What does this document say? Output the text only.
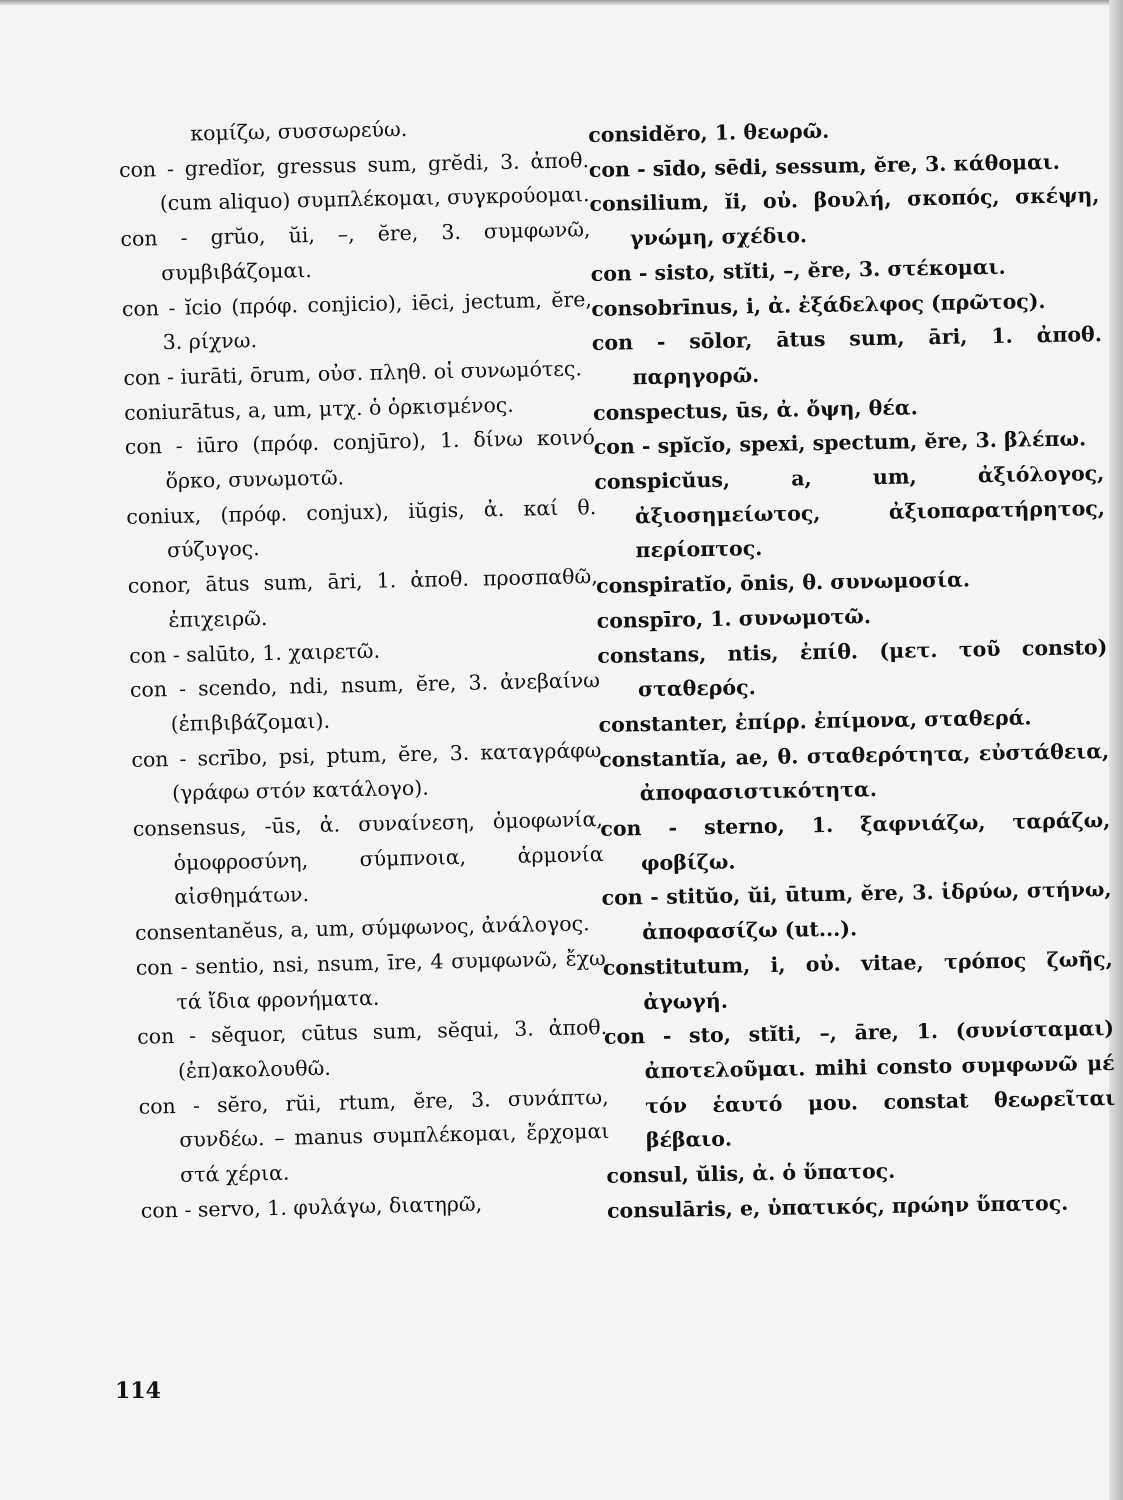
κομίζω, συσσωρεύω.

con - gredĭor, gressus sum, grĕdi, 3. ἀποθ. (cum aliquo) συμπλέκομαι, συγκρούομαι.

con - grŭo, ŭi, –, ĕre, 3. συμφωνῶ, συμβιβάζομαι.

con - ĭcio (πρόφ. conjicio), iēci, jectum, ĕre, 3. ρίχνω.

con - iurāti, ōrum, οὐσ. πληθ. οἱ συνωμότες.

coniurātus, a, um, μτχ. ὁ ὁρκισμένος.

con - iūro (πρόφ. conjūro), 1. δίνω κοινό ὅρκο, συνωμοτῶ.

coniux, (πρόφ. conjux), iŭgis, ἀ. καί θ. σύζυγος.

conor, ātus sum, āri, 1. ἀποθ. προσπαθῶ, ἐπιχειρῶ.

con - salūto, 1. χαιρετῶ.

con - scendo, ndi, nsum, ĕre, 3. ἀνεβαίνω (ἐπιβιβάζομαι).

con - scrībo, psi, ptum, ĕre, 3. καταγράφω (γράφω στόν κατάλογο).

consensus, -ūs, ἀ. συναίνεση, ὁμοφωνία, ὁμοφροσύνη, σύμπνοια, ἁρμονία αἰσθημάτων.

consentanĕus, a, um, σύμφωνος, ἀνάλογος.

con - sentio, nsi, nsum, īre, 4 συμφωνῶ, ἔχω τά ἴδια φρονήματα.

con - sĕquor, cūtus sum, sĕqui, 3. ἀποθ. (ἐπ)ακολουθῶ.

con - sĕro, rŭi, rtum, ĕre, 3. συνάπτω, συνδέω. – manus συμπλέκομαι, ἔρχομαι στά χέρια.

con - servo, 1. φυλάγω, διατηρῶ,

considĕro, 1. θεωρῶ.

con - sīdo, sēdi, sessum, ĕre, 3. κάθομαι.

consilium, ĭi, οὐ. βουλή, σκοπός, σκέψη, γνώμη, σχέδιο.

con - sisto, stĭti, –, ĕre, 3. στέκομαι.

consobrīnus, i, ἀ. ἐξάδελφος (πρῶτος).

con - sōlor, ātus sum, āri, 1. ἀποθ. παρηγορῶ.

conspectus, ūs, ἀ. ὄψη, θέα.

con - spĭcĭo, spexi, spectum, ĕre, 3. βλέπω.

conspicŭus, a, um, ἀξιόλογος, ἀξιοσημείωτος, ἀξιοπαρατήρητος, περίοπτος.

conspiratĭo, ōnis, θ. συνωμοσία.

conspīro, 1. συνωμοτῶ.

constans, ntis, ἐπίθ. (μετ. τοῦ consto) σταθερός.

constanter, ἐπίρρ. ἐπίμονα, σταθερά.

constantĭa, ae, θ. σταθερότητα, εὐστάθεια, ἀποφασιστικότητα.

con - sterno, 1. ξαφνιάζω, ταράζω, φοβίζω.

con - stitŭo, ŭi, ūtum, ĕre, 3. ἱδρύω, στήνω, ἀποφασίζω (ut...).

constitutum, i, οὐ. vitae, τρόπος ζωῆς, ἀγωγή.

con - sto, stĭti, –, āre, 1. (συνίσταμαι) ἀποτελοῦμαι. mihi consto συμφωνῶ μέ τόν ἑαυτό μου. constat θεωρεῖται βέβαιο.

consul, ŭlis, ἀ. ὁ ὕπατος.

consulāris, e, ὑπατικός, πρώην ὕπατος.

114
